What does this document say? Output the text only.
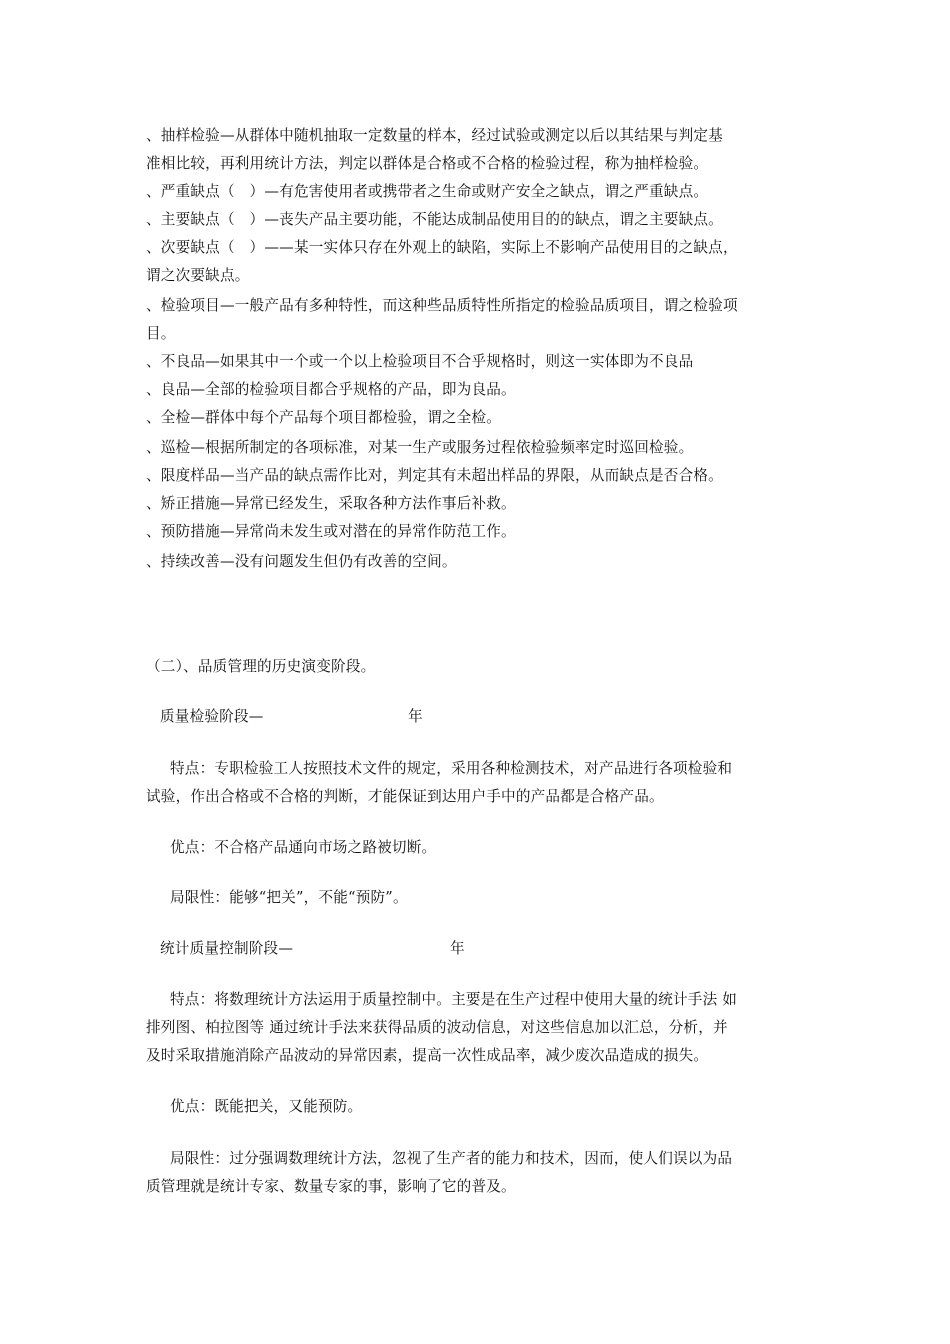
、抽样检验—从群体中随机抽取一定数量的样本，经过试验或测定以后以其结果与判定基
准相比较，再利用统计方法，判定以群体是合格或不合格的检验过程，称为抽样检验。
、严重缺点（　）—有危害使用者或携带者之生命或财产安全之缺点，谓之严重缺点。
、主要缺点（　）—丧失产品主要功能，不能达成制品使用目的的缺点，谓之主要缺点。
、次要缺点（　）——某一实体只存在外观上的缺陷，实际上不影响产品使用目的之缺点，
谓之次要缺点。
、检验项目—一般产品有多种特性，而这种些品质特性所指定的检验品质项目，谓之检验项
目。
、不良品—如果其中一个或一个以上检验项目不合乎规格时，则这一实体即为不良品
、良品—全部的检验项目都合乎规格的产品，即为良品。
、全检—群体中每个产品每个项目都检验，谓之全检。
、巡检—根据所制定的各项标准，对某一生产或服务过程依检验频率定时巡回检验。
、限度样品—当产品的缺点需作比对，判定其有未超出样品的界限，从而缺点是否合格。
、矫正措施—异常已经发生，采取各种方法作事后补救。
、预防措施—异常尚未发生或对潜在的异常作防范工作。
、持续改善—没有问题发生但仍有改善的空间。
（二）、品质管理的历史演变阶段。
质量检验阶段—	年
特点：专职检验工人按照技术文件的规定，采用各种检测技术，对产品进行各项检验和
试验，作出合格或不合格的判断，才能保证到达用户手中的产品都是合格产品。
优点：不合格产品通向市场之路被切断。
局限性：能够“把关”，不能“预防”。
统计质量控制阶段—	年
特点：将数理统计方法运用于质量控制中。主要是在生产过程中使用大量的统计手法 如
排列图、柏拉图等 通过统计手法来获得品质的波动信息，对这些信息加以汇总，分析，并
及时采取措施消除产品波动的异常因素，提高一次性成品率，减少废次品造成的损失。
优点：既能把关，又能预防。
局限性：过分强调数理统计方法，忽视了生产者的能力和技术，因而，使人们误以为品
质管理就是统计专家、数量专家的事，影响了它的普及。
